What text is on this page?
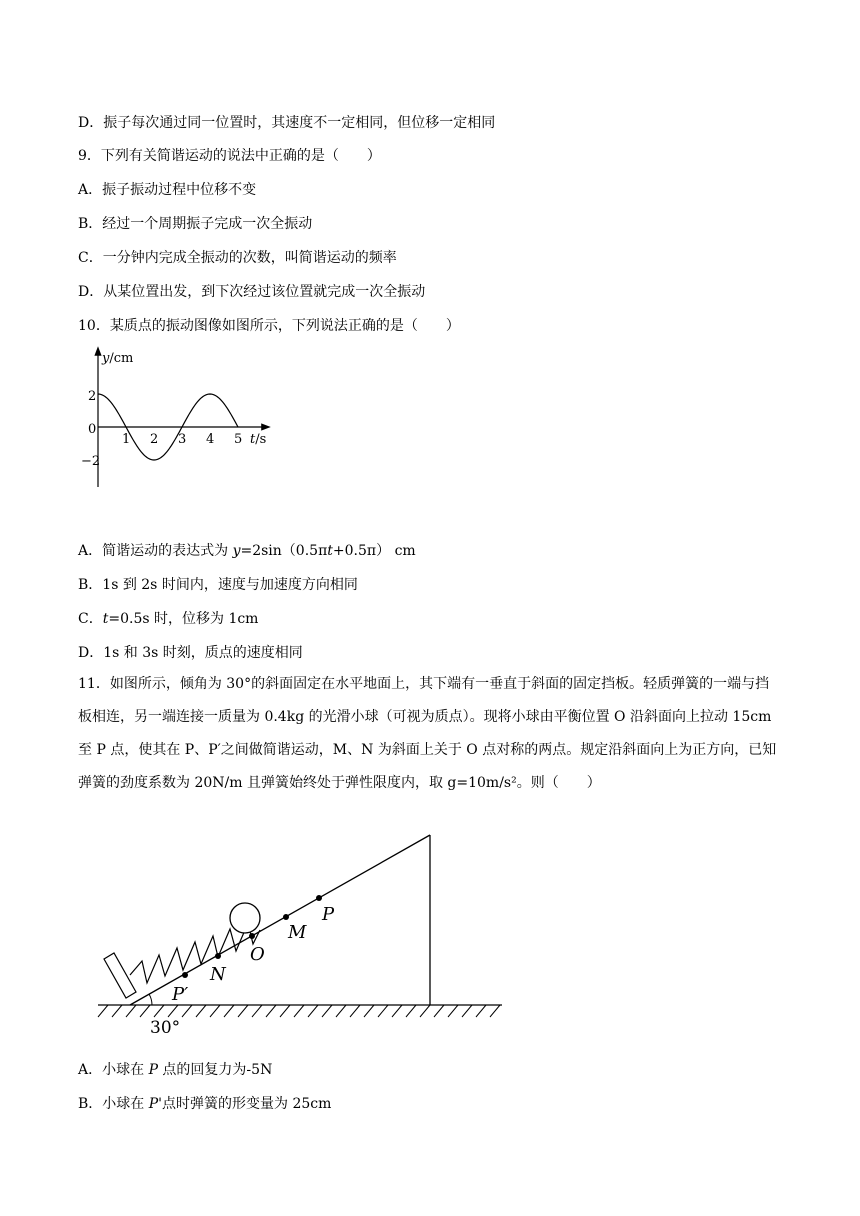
D．振子每次通过同一位置时，其速度不一定相同，但位移一定相同
9．下列有关简谐运动的说法中正确的是（　　）
A．振子振动过程中位移不变
B．经过一个周期振子完成一次全振动
C．一分钟内完成全振动的次数，叫简谐运动的频率
D．从某位置出发，到下次经过该位置就完成一次全振动
10．某质点的振动图像如图所示，下列说法正确的是（　　）
y/cm
t/s
2
0
−2
1 2 3 4 5
A．简谐运动的表达式为 y=2sin（0.5πt+0.5π） cm
B．1s 到 2s 时间内，速度与加速度方向相同
C．t=0.5s 时，位移为 1cm
D．1s 和 3s 时刻，质点的速度相同
11．如图所示，倾角为 30°的斜面固定在水平地面上，其下端有一垂直于斜面的固定挡板。轻质弹簧的一端与挡板相连，另一端连接一质量为 0.4kg 的光滑小球（可视为质点）。现将小球由平衡位置 O 沿斜面向上拉动 15cm 至 P 点，使其在 P、P′之间做简谐运动，M、N 为斜面上关于 O 点对称的两点。规定沿斜面向上为正方向，已知弹簧的劲度系数为 20N/m 且弹簧始终处于弹性限度内，取 g=10m/s²。则（　　）
30°
P′
N
O
M
P
A．小球在 P 点的回复力为-5N
B．小球在 P'点时弹簧的形变量为 25cm
